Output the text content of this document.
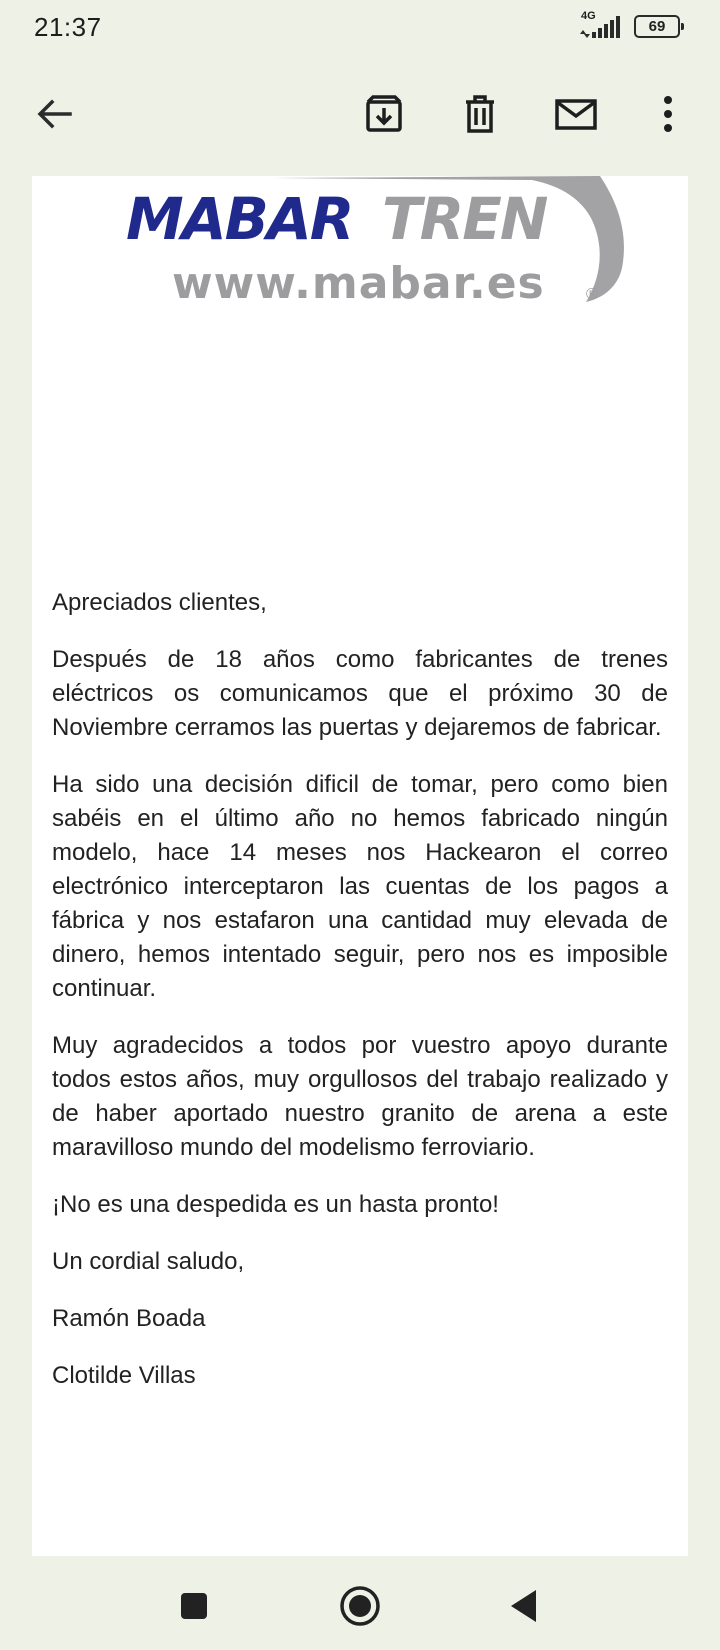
21:37	4G
69
MABAR TREN
www.mabar.es	®

Apreciados clientes,

Después de 18 años como fabricantes de trenes eléctricos os comunicamos que el próximo 30 de Noviembre cerramos las puertas y dejaremos de fabricar.

Ha sido una decisión dificil de tomar, pero como bien sabéis en el último año no hemos fabricado ningún modelo, hace 14 meses nos Hackearon el correo electrónico interceptaron las cuentas de los pagos a fábrica y nos estafaron una cantidad muy elevada de dinero, hemos intentado seguir, pero nos es imposible continuar.

Muy agradecidos a todos por vuestro apoyo durante todos estos años, muy orgullosos del trabajo realizado y de haber aportado nuestro granito de arena a este maravilloso mundo del modelismo ferroviario.

¡No es una despedida es un hasta pronto!

Un cordial saludo,

Ramón Boada

Clotilde Villas
